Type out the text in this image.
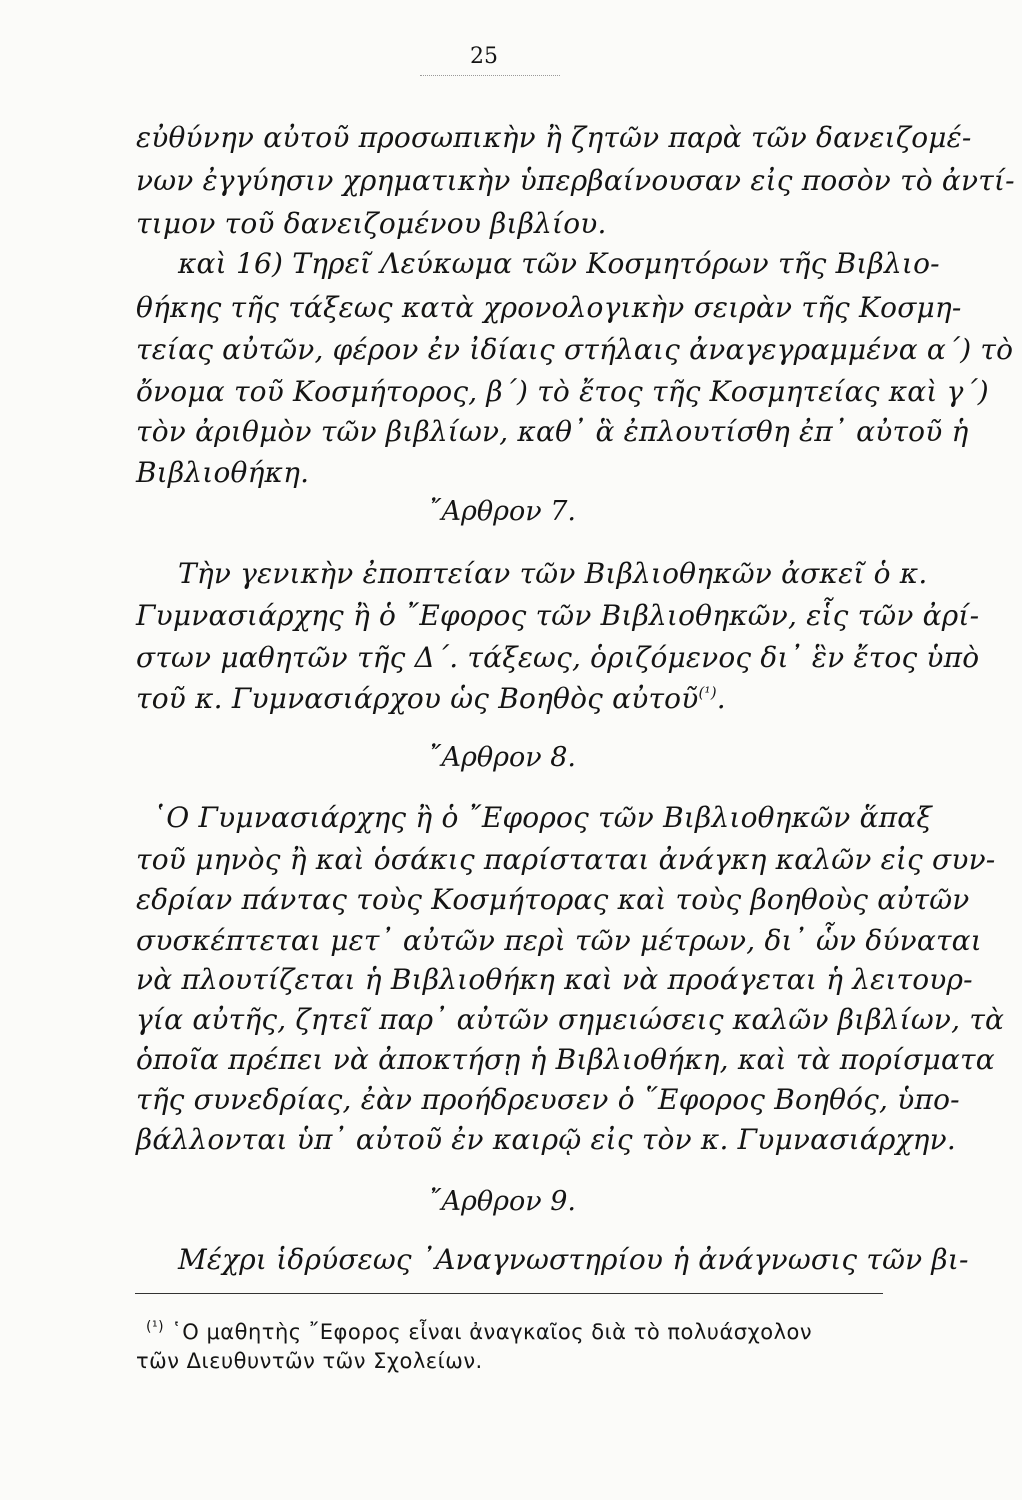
25
εὐθύνην αὐτοῦ προσωπικὴν ἢ ζητῶν παρὰ τῶν δανειζομέ-
νων ἐγγύησιν χρηματικὴν ὑπερβαίνουσαν εἰς ποσὸν τὸ ἀντί-
τιμον τοῦ δανειζομένου βιβλίου.
καὶ 16) Τηρεῖ Λεύκωμα τῶν Κοσμητόρων τῆς Βιβλιο-
θήκης τῆς τάξεως κατὰ χρονολογικὴν σειρὰν τῆς Κοσμη-
τείας αὐτῶν, φέρον ἐν ἰδίαις στήλαις ἀναγεγραμμένα α΄) τὸ
ὄνομα τοῦ Κοσμήτορος, β΄) τὸ ἔτος τῆς Κοσμητείας καὶ γ΄)
τὸν ἀριθμὸν τῶν βιβλίων, καθ᾿ ἃ ἐπλουτίσθη ἐπ᾿ αὐτοῦ ἡ
Βιβλιοθήκη.
῎Αρθρον 7.
Τὴν γενικὴν ἐποπτείαν τῶν Βιβλιοθηκῶν ἀσκεῖ ὁ κ.
Γυμνασιάρχης ἢ ὁ ῎Εφορος τῶν Βιβλιοθηκῶν, εἷς τῶν ἀρί-
στων μαθητῶν τῆς Δ΄. τάξεως, ὁριζόμενος δι᾿ ἓν ἔτος ὑπὸ
τοῦ κ. Γυμνασιάρχου ὡς Βοηθὸς αὐτοῦ$^{(^1)}$.
῎Αρθρον 8.
῾Ο Γυμνασιάρχης ἢ ὁ ῎Εφορος τῶν Βιβλιοθηκῶν ἅπαξ
τοῦ μηνὸς ἢ καὶ ὁσάκις παρίσταται ἀνάγκη καλῶν εἰς συν-
εδρίαν πάντας τοὺς Κοσμήτορας καὶ τοὺς βοηθοὺς αὐτῶν
συσκέπτεται μετ᾿ αὐτῶν περὶ τῶν μέτρων, δι᾿ ὧν δύναται
νὰ πλουτίζεται ἡ Βιβλιοθήκη καὶ νὰ προάγεται ἡ λειτουρ-
γία αὐτῆς, ζητεῖ παρ᾿ αὐτῶν σημειώσεις καλῶν βιβλίων, τὰ
ὁποῖα πρέπει νὰ ἀποκτήσῃ ἡ Βιβλιοθήκη, καὶ τὰ πορίσματα
τῆς συνεδρίας, ἐὰν προήδρευσεν ὁ ῞Εφορος Βοηθός, ὑπο-
βάλλονται ὑπ᾿ αὐτοῦ ἐν καιρῷ εἰς τὸν κ. Γυμνασιάρχην.
῎Αρθρον 9.
Μέχρι ἱδρύσεως ᾿Αναγνωστηρίου ἡ ἀνάγνωσις τῶν βι-
$^{(^1)}$ ῾Ο μαθητὴς ῎Εφορος εἶναι ἀναγκαῖος διὰ τὸ πολυάσχολον
τῶν Διευθυντῶν τῶν Σχολείων.
